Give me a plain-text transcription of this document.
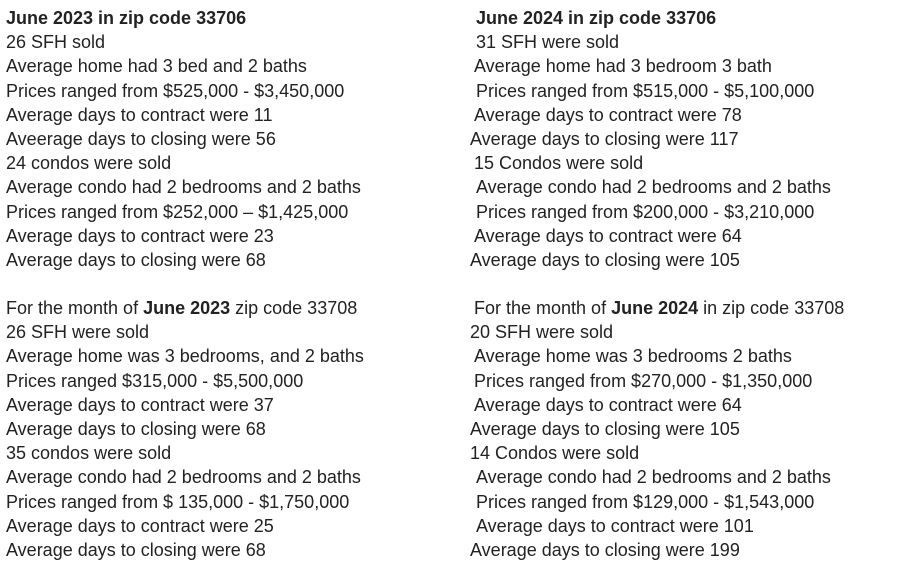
June 2023 in zip code 33706
26 SFH sold
Average home had 3 bed and 2 baths
Prices ranged from $525,000 - $3,450,000
Average days to contract were 11
Aveerage days to closing were 56
24 condos were sold
Average condo had 2 bedrooms and 2 baths
Prices ranged from $252,000 – $1,425,000
Average days to contract were 23
Average days to closing were 68
For the month of June 2023 zip code 33708
26 SFH were sold
Average home was 3 bedrooms, and 2 baths
Prices ranged $315,000 - $5,500,000
Average days to contract were 37
Average days to closing were 68
35 condos were sold
Average condo had 2 bedrooms and 2 baths
Prices ranged from $ 135,000 - $1,750,000
Average days to contract were 25
Average days to closing were 68
June 2024 in zip code 33706
31 SFH were sold
Average home had 3 bedroom 3 bath
Prices ranged from $515,000 - $5,100,000
Average days to contract were 78
Average days to closing were 117
15 Condos were sold
Average condo had 2 bedrooms and 2 baths
Prices ranged from $200,000 - $3,210,000
Average days to contract were 64
Average days to closing were 105
For the month of June 2024 in zip code 33708
20 SFH were sold
Average home was 3 bedrooms 2 baths
Prices ranged from $270,000 - $1,350,000
Average days to contract were 64
Average days to closing were 105
14 Condos were sold
Average condo had 2 bedrooms and 2 baths
Prices ranged from $129,000 - $1,543,000
Average days to contract were 101
Average days to closing were 199
